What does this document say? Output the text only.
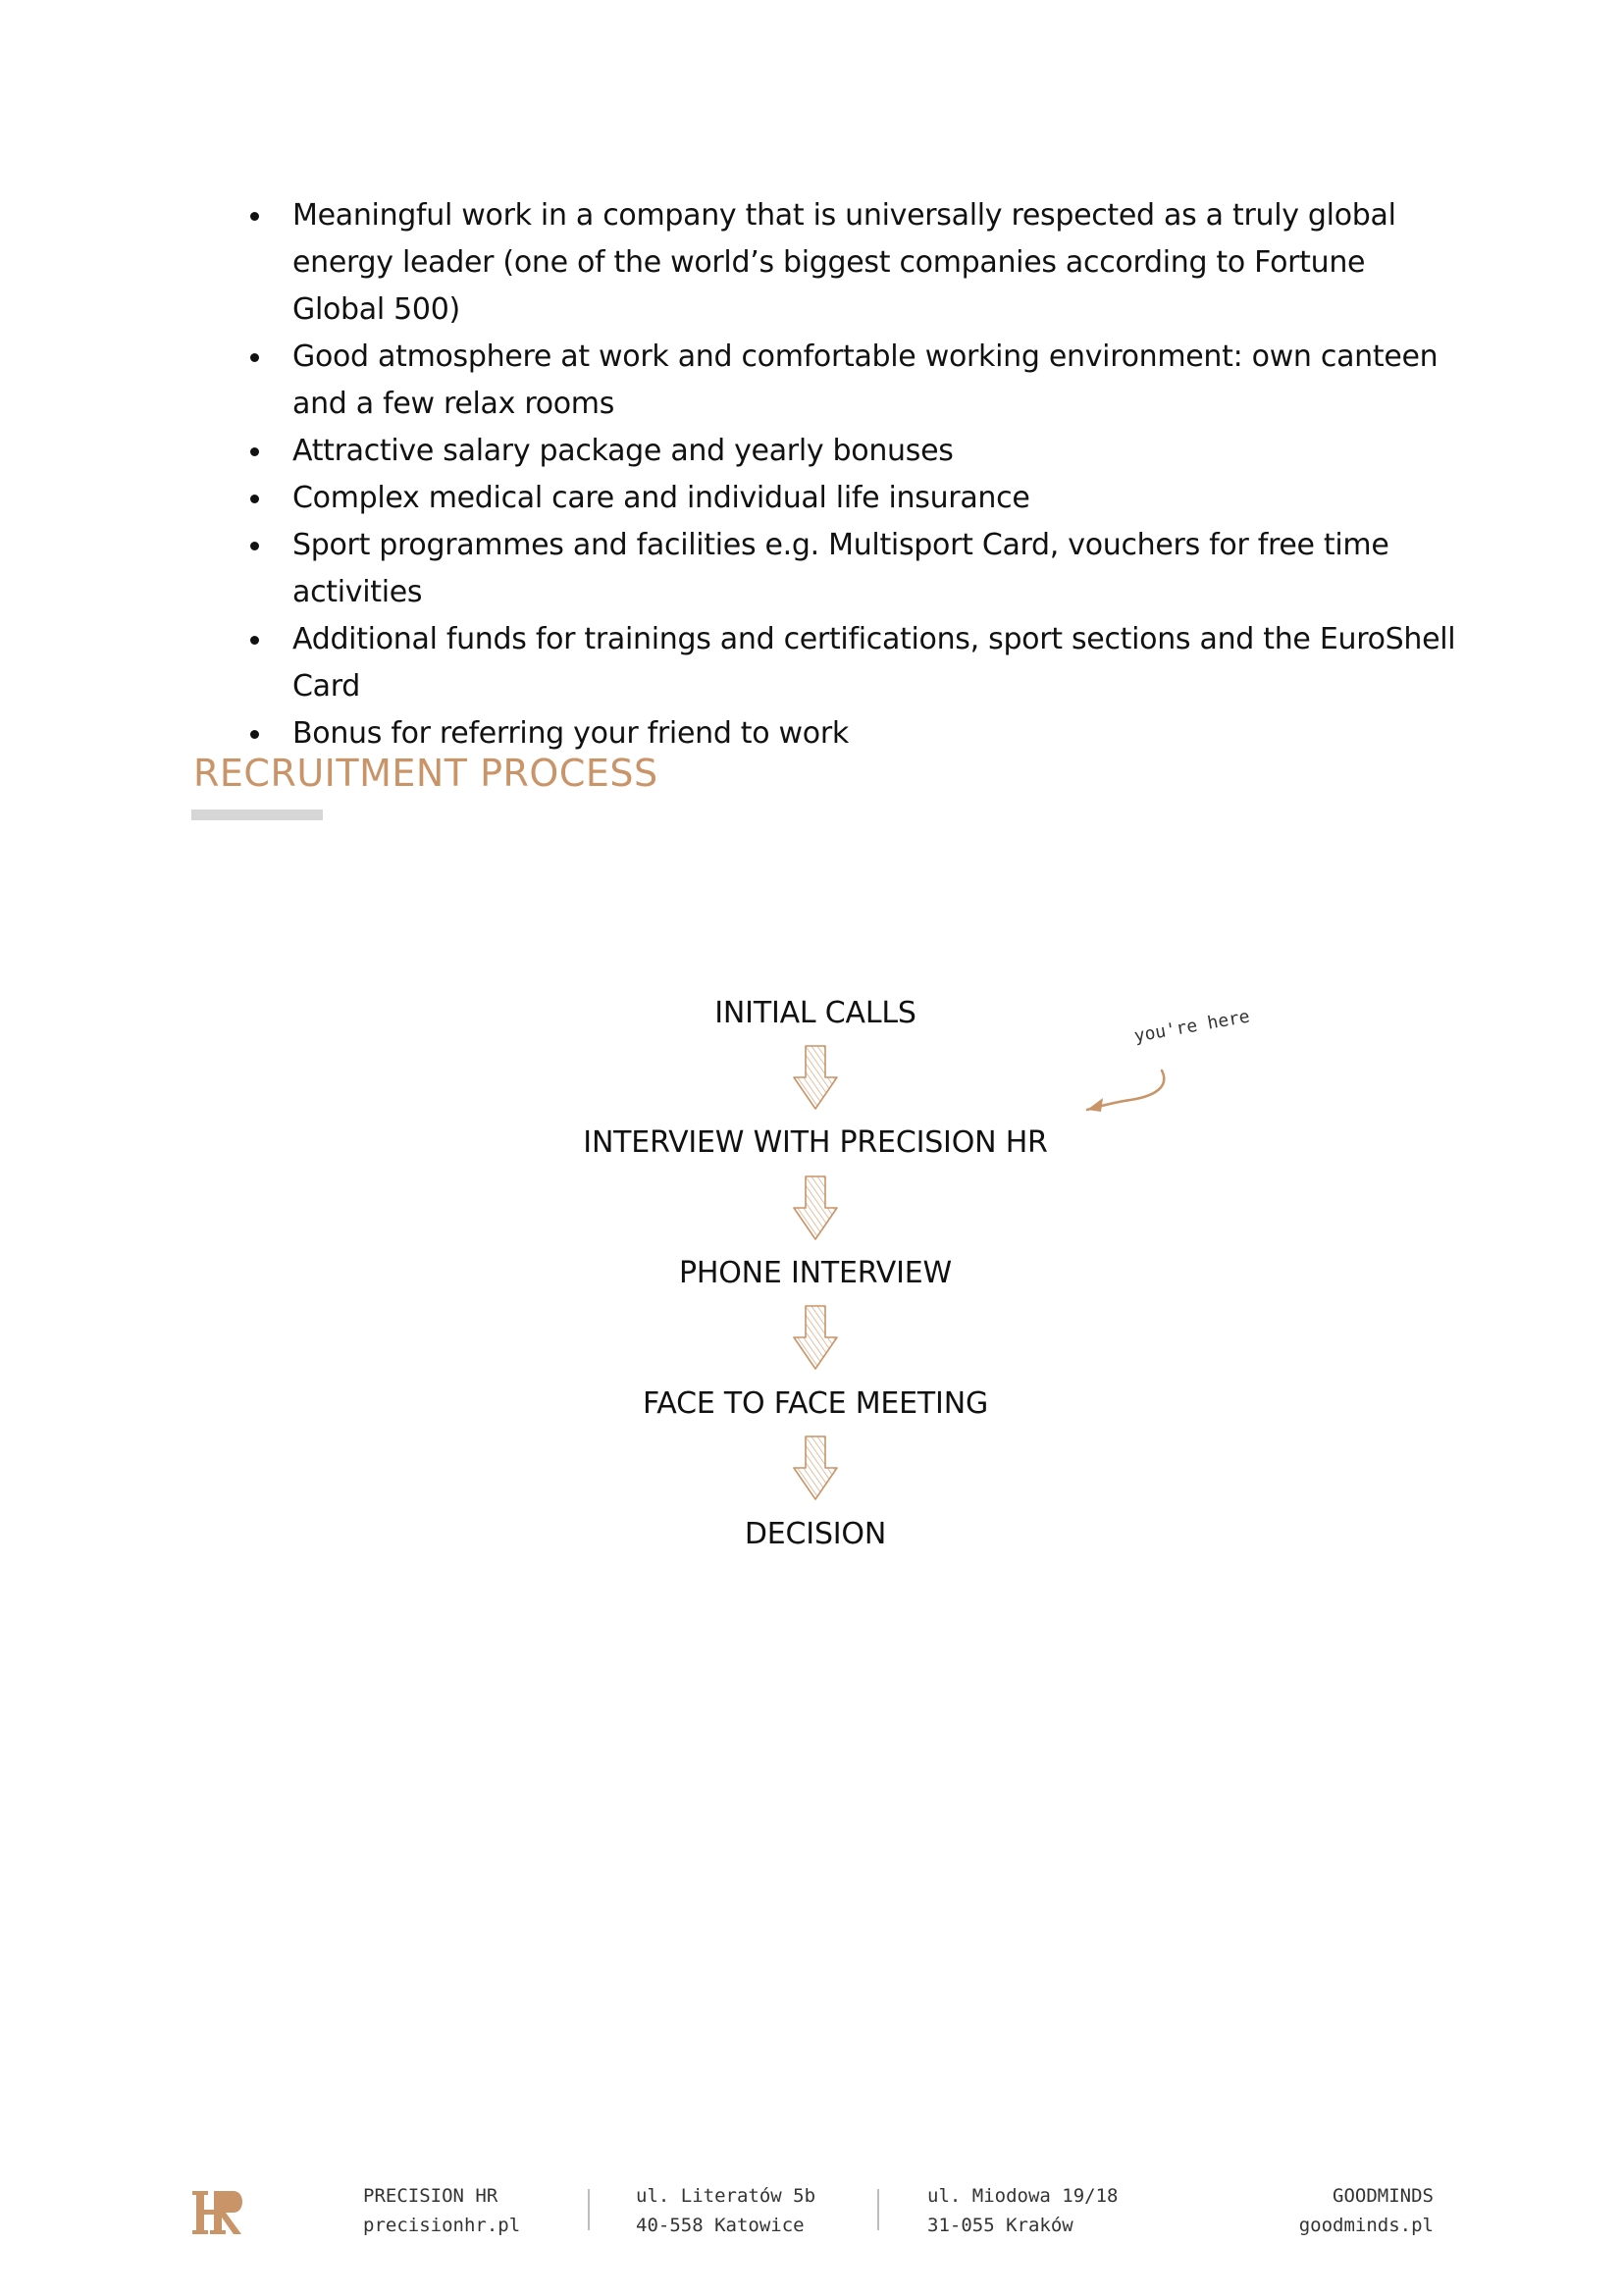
Meaningful work in a company that is universally respected as a truly global energy leader (one of the world’s biggest companies according to Fortune Global 500)
Good atmosphere at work and comfortable working environment: own canteen and a few relax rooms
Attractive salary package and yearly bonuses
Complex medical care and individual life insurance
Sport programmes and facilities e.g. Multisport Card, vouchers for free time activities
Additional funds for trainings and certifications, sport sections and the EuroShell Card
Bonus for referring your friend to work
RECRUITMENT PROCESS
INITIAL CALLS
INTERVIEW WITH PRECISION HR
PHONE INTERVIEW
FACE TO FACE MEETING
DECISION
you're here
PRECISION HR
precisionhr.pl
ul. Literatów 5b
40-558 Katowice
ul. Miodowa 19/18
31-055 Kraków
GOODMINDS
goodminds.pl
